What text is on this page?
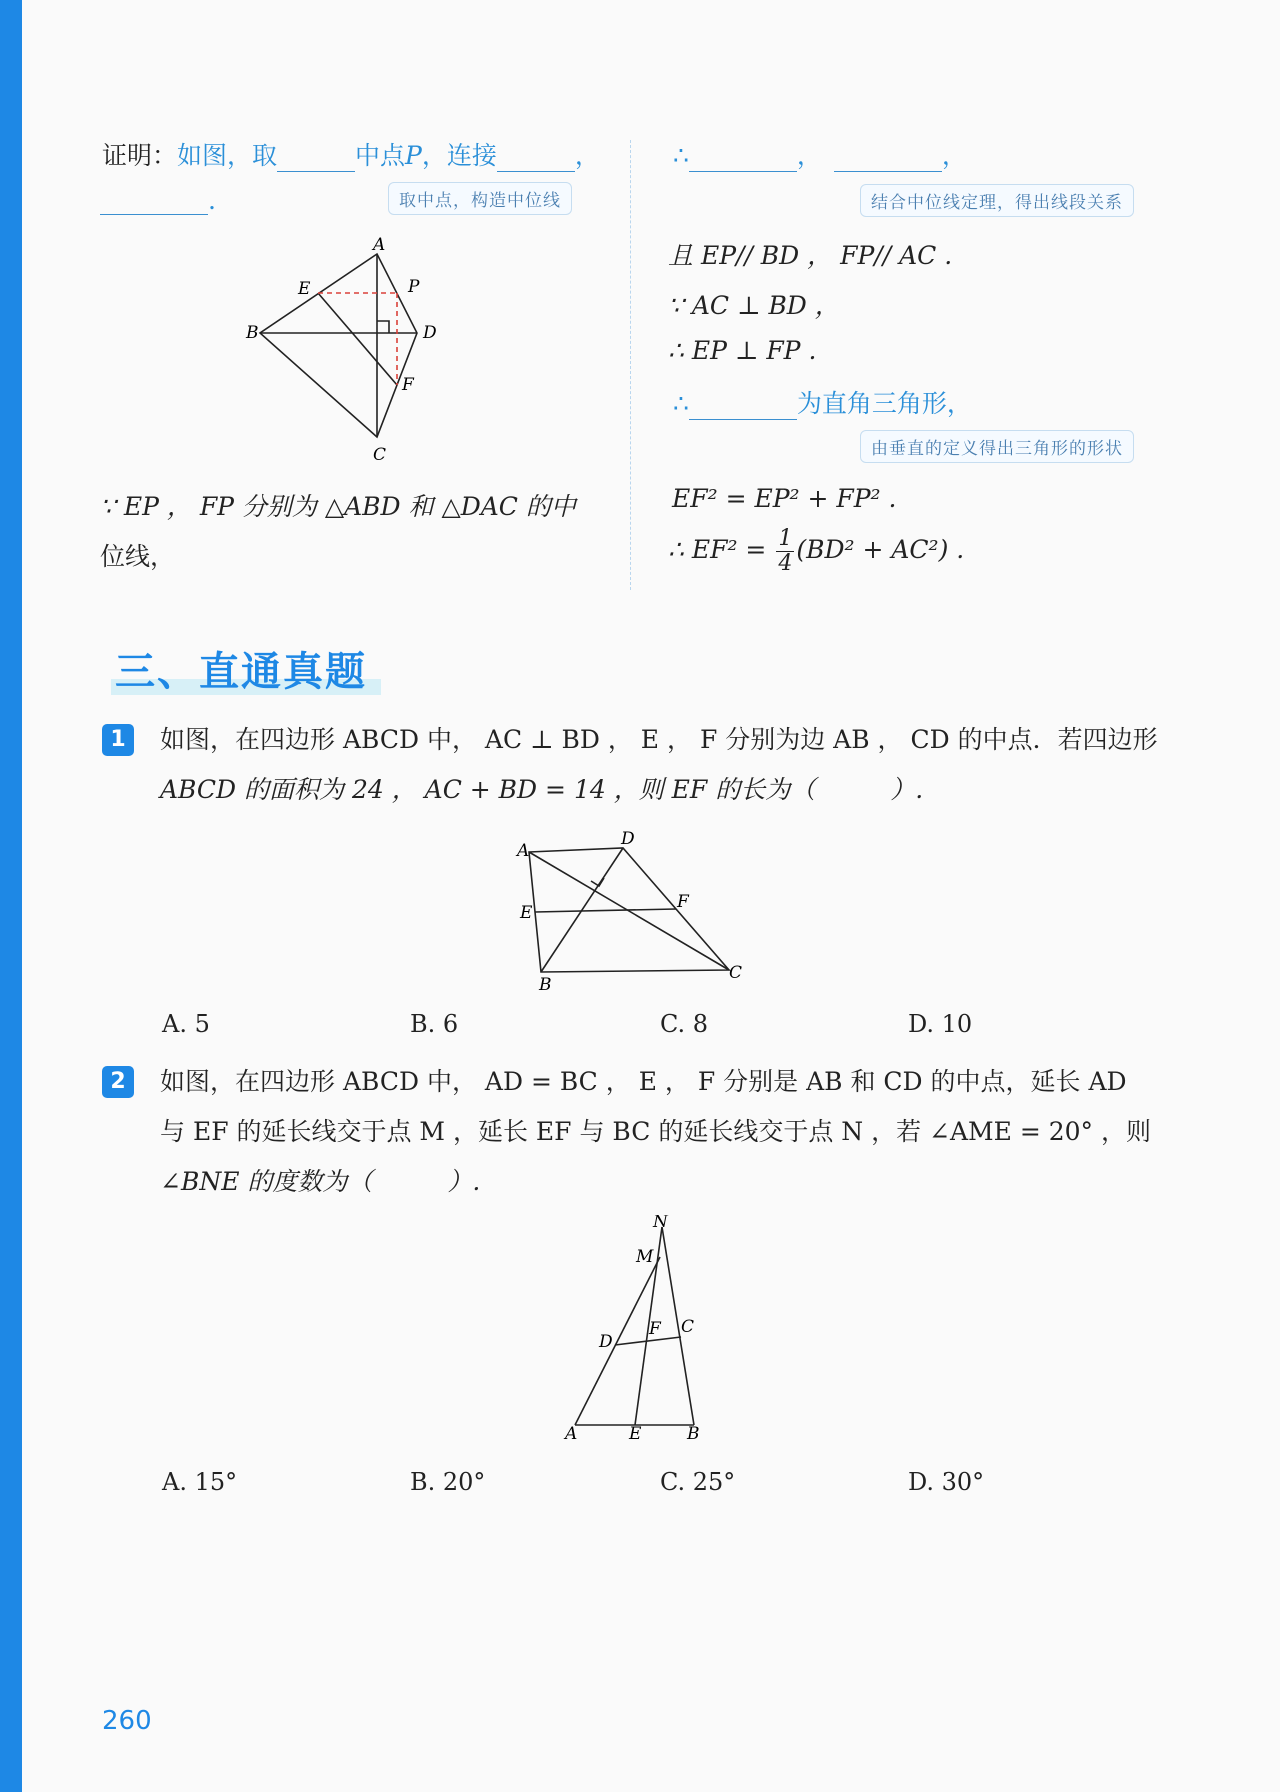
证明：如图，取	中点P，连接	，
.	取中点，构造中位线
A
B
C
D
E
F
P
∵ EP ， FP 分别为 △ABD 和 △DAC 的中
位线，
∴	，	，
结合中位线定理，得出线段关系
且 EP// BD ， FP// AC .
∵ AC ⊥ BD ，
∴ EP ⊥ FP .
∴	为直角三角形，
由垂直的定义得出三角形的形状
EF² = EP² + FP² .
∴ $EF^2 = \frac{1}{4} (BD^2 + AC^2)$ .
三、直通真题
1	如图，在四边形 ABCD 中， AC ⊥ BD ， E ， F 分别为边 AB ， CD 的中点．若四边形
ABCD 的面积为 24 ， AC + BD = 14 ，则 EF 的长为（　　　）.
A
D
E
F
B
C
A. 5	B. 6	C. 8	D. 10
2	如图，在四边形 ABCD 中， AD = BC ， E ， F 分别是 AB 和 CD 的中点，延长 AD
与 EF 的延长线交于点 M ，延长 EF 与 BC 的延长线交于点 N ，若 ∠AME = 20° ，则
∠BNE 的度数为（　　　）.
A	E	B
D
F C
M
N
A. 15°	B. 20°	C. 25°	D. 30°
260
